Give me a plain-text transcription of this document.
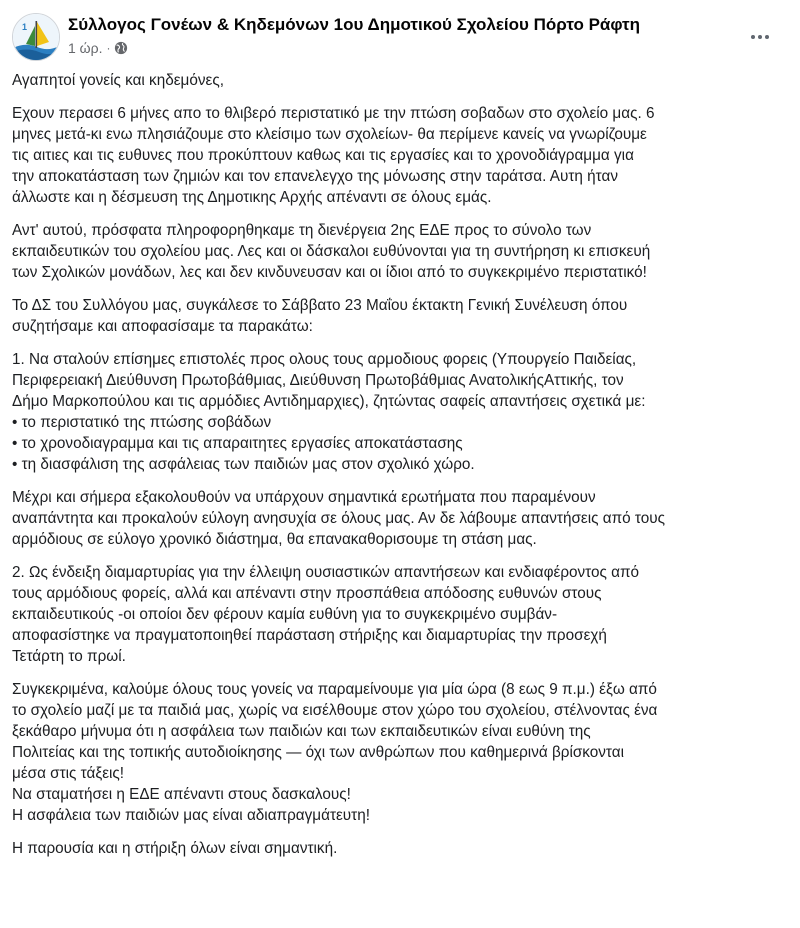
1 Σύλλογος Γονέων & Κηδεμόνων 1ου Δημοτικού Σχολείου Πόρτο Ράφτη
1 ώρ. ·

Αγαπητοί γονείς και κηδεμόνες,

Εχουν περασει 6 μήνες απο το θλιβερό περιστατικό με την πτώση σοβαδων στο σχολείο μας. 6
μηνες μετά-κι ενω πλησιάζουμε στο κλείσιμο των σχολείων- θα περίμενε κανείς να γνωρίζουμε
τις αιτιες και τις ευθυνες που προκύπτουν καθως και τις εργασίες και το χρονοδιάγραμμα για
την αποκατάσταση των ζημιών και τον επανελεγχο της μόνωσης στην ταράτσα. Αυτη ήταν
άλλωστε και η δέσμευση της Δημοτικης Αρχής απέναντι σε όλους εμάς.

Αντ' αυτού, πρόσφατα πληροφορηθηκαμε τη διενέργεια 2ης ΕΔΕ προς το σύνολο των
εκπαιδευτικών του σχολείου μας. Λες και οι δάσκαλοι ευθύνονται για τη συντήρηση κι επισκευή
των Σχολικών μονάδων, λες και δεν κινδυνευσαν και οι ίδιοι από το συγκεκριμένο περιστατικό!

Το ΔΣ του Συλλόγου μας, συγκάλεσε το Σάββατο 23 Μαΐου έκτακτη Γενική Συνέλευση όπου
συζητήσαμε και αποφασίσαμε τα παρακάτω:

1. Να σταλούν επίσημες επιστολές προς ολους τους αρμοδιους φορεις (Υπουργείο Παιδείας,
Περιφερειακή Διεύθυνση Πρωτοβάθμιας, Διεύθυνση Πρωτοβάθμιας ΑνατολικήςΑττικής, τον
Δήμο Μαρκοπούλου και τις αρμόδιες Αντιδημαρχιες), ζητώντας σαφείς απαντήσεις σχετικά με:
• το περιστατικό της πτώσης σοβάδων
• το χρονοδιαγραμμα και τις απαραιτητες εργασίες αποκατάστασης
• τη διασφάλιση της ασφάλειας των παιδιών μας στον σχολικό χώρο.

Μέχρι και σήμερα εξακολουθούν να υπάρχουν σημαντικά ερωτήματα που παραμένουν
αναπάντητα και προκαλούν εύλογη ανησυχία σε όλους μας. Αν δε λάβουμε απαντήσεις από τους
αρμόδιους σε εύλογο χρονικό διάστημα, θα επανακαθορισουμε τη στάση μας.

2. Ως ένδειξη διαμαρτυρίας για την έλλειψη ουσιαστικών απαντήσεων και ενδιαφέροντος από
τους αρμόδιους φορείς, αλλά και απέναντι στην προσπάθεια απόδοσης ευθυνών στους
εκπαιδευτικούς -οι οποίοι δεν φέρουν καμία ευθύνη για το συγκεκριμένο συμβάν-
αποφασίστηκε να πραγματοποιηθεί παράσταση στήριξης και διαμαρτυρίας την προσεχή
Τετάρτη το πρωί.

Συγκεκριμένα, καλούμε όλους τους γονείς να παραμείνουμε για μία ώρα (8 εως 9 π.μ.) έξω από
το σχολείο μαζί με τα παιδιά μας, χωρίς να εισέλθουμε στον χώρο του σχολείου, στέλνοντας ένα
ξεκάθαρο μήνυμα ότι η ασφάλεια των παιδιών και των εκπαιδευτικών είναι ευθύνη της
Πολιτείας και της τοπικής αυτοδιοίκησης — όχι των ανθρώπων που καθημερινά βρίσκονται
μέσα στις τάξεις!
Να σταματήσει η ΕΔΕ απέναντι στους δασκαλους!
Η ασφάλεια των παιδιών μας είναι αδιαπραγμάτευτη!

Η παρουσία και η στήριξη όλων είναι σημαντική.
